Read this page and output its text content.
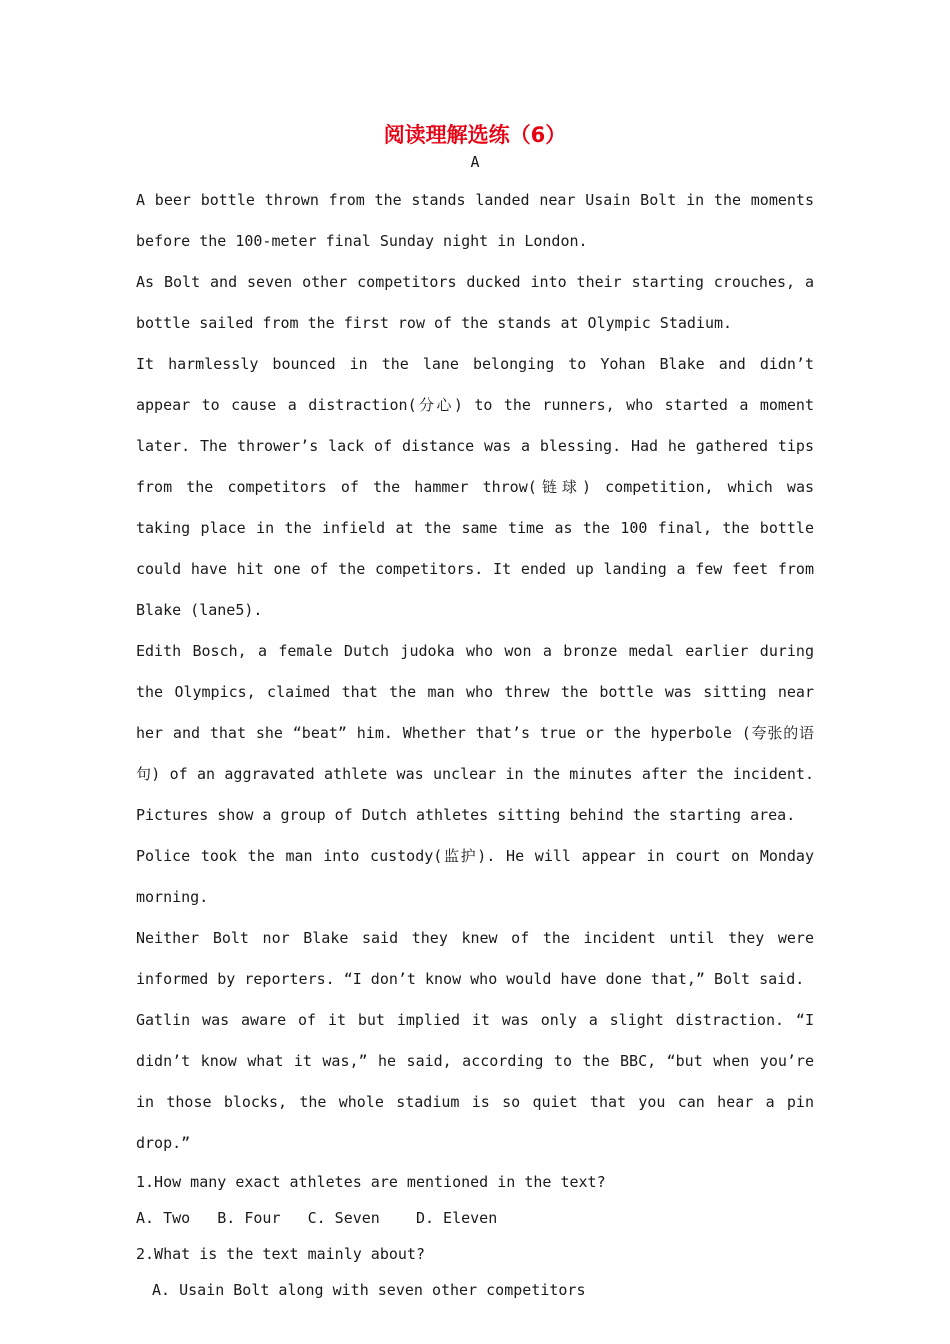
阅读理解选练（6）
A

A beer bottle thrown from the stands landed near Usain Bolt in the moments before the 100-meter final Sunday night in London.

As Bolt and seven other competitors ducked into their starting crouches, a bottle sailed from the first row of the stands at Olympic Stadium.

It harmlessly bounced in the lane belonging to Yohan Blake and didn’t appear to cause a distraction(分心) to the runners, who started a moment later. The thrower’s lack of distance was a blessing. Had he gathered tips from the competitors of the hammer throw(链球) competition, which was taking place in the infield at the same time as the 100 final, the bottle could have hit one of the competitors. It ended up landing a few feet from Blake (lane5).

Edith Bosch, a female Dutch judoka who won a bronze medal earlier during the Olympics, claimed that the man who threw the bottle was sitting near her and that she “beat” him. Whether that’s true or the hyperbole (夸张的语句) of an aggravated athlete was unclear in the minutes after the incident. Pictures show a group of Dutch athletes sitting behind the starting area.

Police took the man into custody(监护). He will appear in court on Monday morning.

Neither Bolt nor Blake said they knew of the incident until they were informed by reporters. “I don’t know who would have done that,” Bolt said.

Gatlin was aware of it but implied it was only a slight distraction. “I didn’t know what it was,” he said, according to the BBC, “but when you’re in those blocks, the whole stadium is so quiet that you can hear a pin drop.”

1.How many exact athletes are mentioned in the text?

A. Two   B. Four   C. Seven    D. Eleven

2.What is the text mainly about?

A. Usain Bolt along with seven other competitors
